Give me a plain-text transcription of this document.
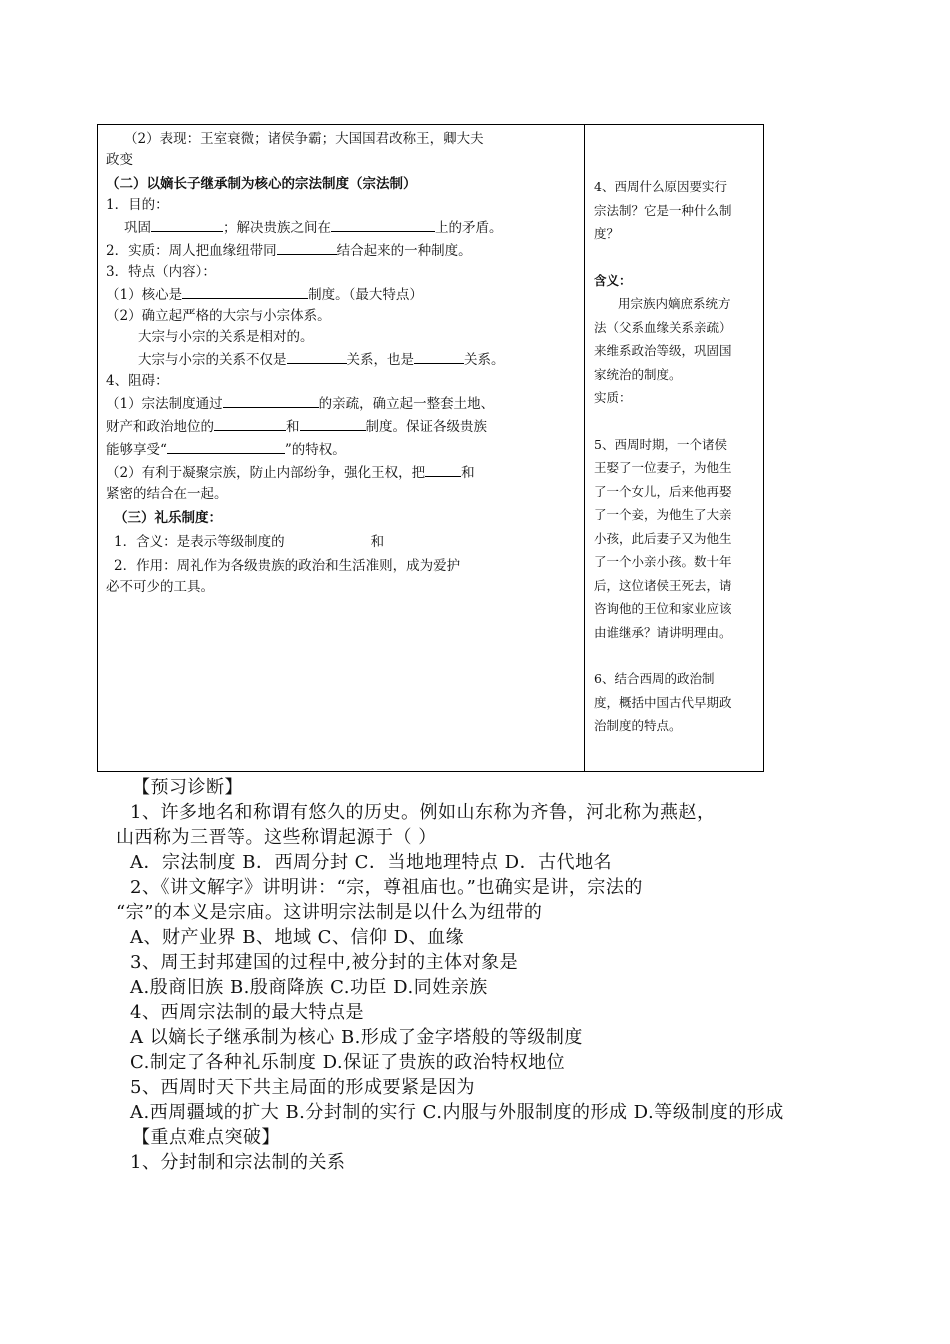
（2）表现：王室衰微；诸侯争霸；大国国君改称王，卿大夫

政变

（二）以嫡长子继承制为核心的宗法制度（宗法制）

1．目的：

巩固	；解决贵族之间在	上的矛盾。

2．实质：周人把血缘纽带同	结合起来的一种制度。

3．特点（内容）：

（1）核心是	制度。（最大特点）

（2）确立起严格的大宗与小宗体系。

大宗与小宗的关系是相对的。

大宗与小宗的关系不仅是	关系，也是	关系。

4、阻碍：

（1）宗法制度通过	的亲疏，确立起一整套土地、

财产和政治地位的	和	制度。保证各级贵族

能够享受“	”的特权。

（2）有利于凝聚宗族，防止内部纷争，强化王权，把	和

紧密的结合在一起。

（三）礼乐制度：

1．含义：是表示等级制度的	和

2．作用：周礼作为各级贵族的政治和生活准则，成为爱护

必不可少的工具。

4、西周什么原因要实行

宗法制？它是一种什么制

度？

含义：

用宗族内嫡庶系统方

法（父系血缘关系亲疏）

来维系政治等级，巩固国

家统治的制度。

实质：

5、西周时期，一个诸侯

王娶了一位妻子，为他生

了一个女儿，后来他再娶

了一个妾，为他生了大亲

小孩，此后妻子又为他生

了一个小亲小孩。数十年

后，这位诸侯王死去，请

咨询他的王位和家业应该

由谁继承？请讲明理由。

6、结合西周的政治制

度，概括中国古代早期政

治制度的特点。

【预习诊断】

1、许多地名和称谓有悠久的历史。例如山东称为齐鲁，河北称为燕赵，

山西称为三晋等。这些称谓起源于（ ）

A．宗法制度 B．西周分封 C．当地地理特点 D．古代地名

2、《讲文解字》讲明讲：“宗，尊祖庙也。”也确实是讲，宗法的

“宗”的本义是宗庙。这讲明宗法制是以什么为纽带的

A、财产业界 B、地域 C、信仰 D、血缘

3、周王封邦建国的过程中,被分封的主体对象是

A.殷商旧族 B.殷商降族 C.功臣 D.同姓亲族

4、西周宗法制的最大特点是

A 以嫡长子继承制为核心 B.形成了金字塔般的等级制度

C.制定了各种礼乐制度 D.保证了贵族的政治特权地位

5、西周时天下共主局面的形成要紧是因为

A.西周疆域的扩大 B.分封制的实行 C.内服与外服制度的形成 D.等级制度的形成

【重点难点突破】

1、分封制和宗法制的关系
